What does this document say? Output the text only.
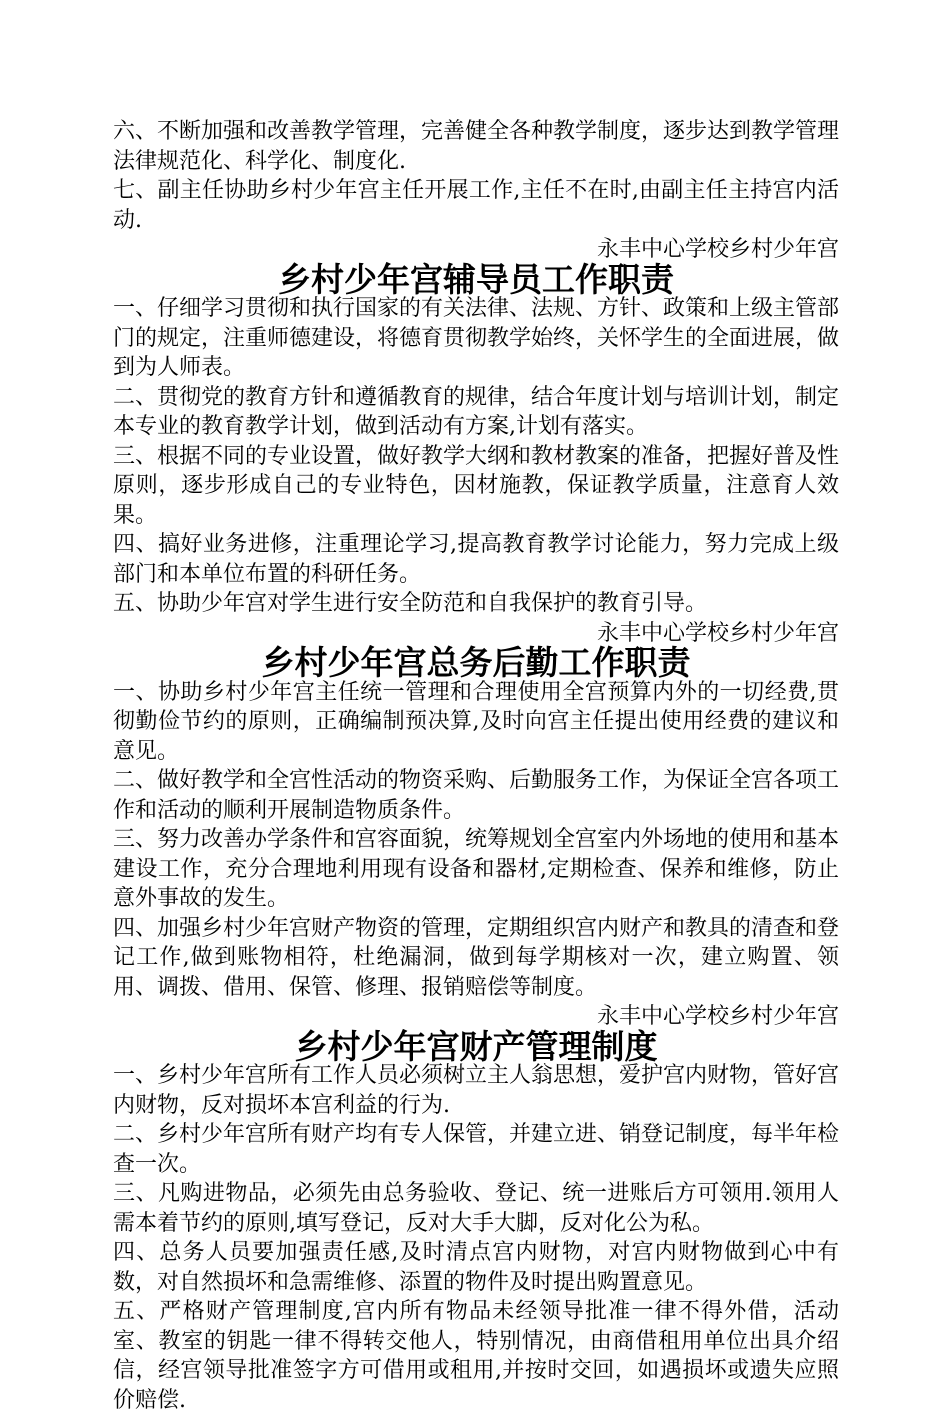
六、不断加强和改善教学管理，完善健全各种教学制度，逐步达到教学管理法律规范化、科学化、制度化.

七、副主任协助乡村少年宫主任开展工作,主任不在时,由副主任主持宫内活动.

永丰中心学校乡村少年宫

乡村少年宫辅导员工作职责

一、仔细学习贯彻和执行国家的有关法律、法规、方针、政策和上级主管部门的规定，注重师德建设，将德育贯彻教学始终，关怀学生的全面进展，做到为人师表。

二、贯彻党的教育方针和遵循教育的规律，结合年度计划与培训计划，制定本专业的教育教学计划，做到活动有方案,计划有落实。

三、根据不同的专业设置，做好教学大纲和教材教案的准备，把握好普及性原则，逐步形成自己的专业特色，因材施教，保证教学质量，注意育人效果。

四、搞好业务进修，注重理论学习,提高教育教学讨论能力，努力完成上级部门和本单位布置的科研任务。

五、协助少年宫对学生进行安全防范和自我保护的教育引导。

永丰中心学校乡村少年宫

乡村少年宫总务后勤工作职责

一、协助乡村少年宫主任统一管理和合理使用全宫预算内外的一切经费,贯彻勤俭节约的原则，正确编制预决算,及时向宫主任提出使用经费的建议和意见。

二、做好教学和全宫性活动的物资采购、后勤服务工作，为保证全宫各项工作和活动的顺利开展制造物质条件。

三、努力改善办学条件和宫容面貌，统筹规划全宫室内外场地的使用和基本建设工作，充分合理地利用现有设备和器材,定期检查、保养和维修，防止意外事故的发生。

四、加强乡村少年宫财产物资的管理，定期组织宫内财产和教具的清查和登记工作,做到账物相符，杜绝漏洞，做到每学期核对一次，建立购置、领用、调拨、借用、保管、修理、报销赔偿等制度。

永丰中心学校乡村少年宫

乡村少年宫财产管理制度

一、乡村少年宫所有工作人员必须树立主人翁思想，爱护宫内财物，管好宫内财物，反对损坏本宫利益的行为.

二、乡村少年宫所有财产均有专人保管，并建立进、销登记制度，每半年检查一次。

三、凡购进物品，必须先由总务验收、登记、统一进账后方可领用.领用人需本着节约的原则,填写登记，反对大手大脚，反对化公为私。

四、总务人员要加强责任感,及时清点宫内财物，对宫内财物做到心中有数，对自然损坏和急需维修、添置的物件及时提出购置意见。

五、严格财产管理制度,宫内所有物品未经领导批准一律不得外借，活动室、教室的钥匙一律不得转交他人，特别情况，由商借租用单位出具介绍信，经宫领导批准签字方可借用或租用,并按时交回，如遇损坏或遗失应照价赔偿.
